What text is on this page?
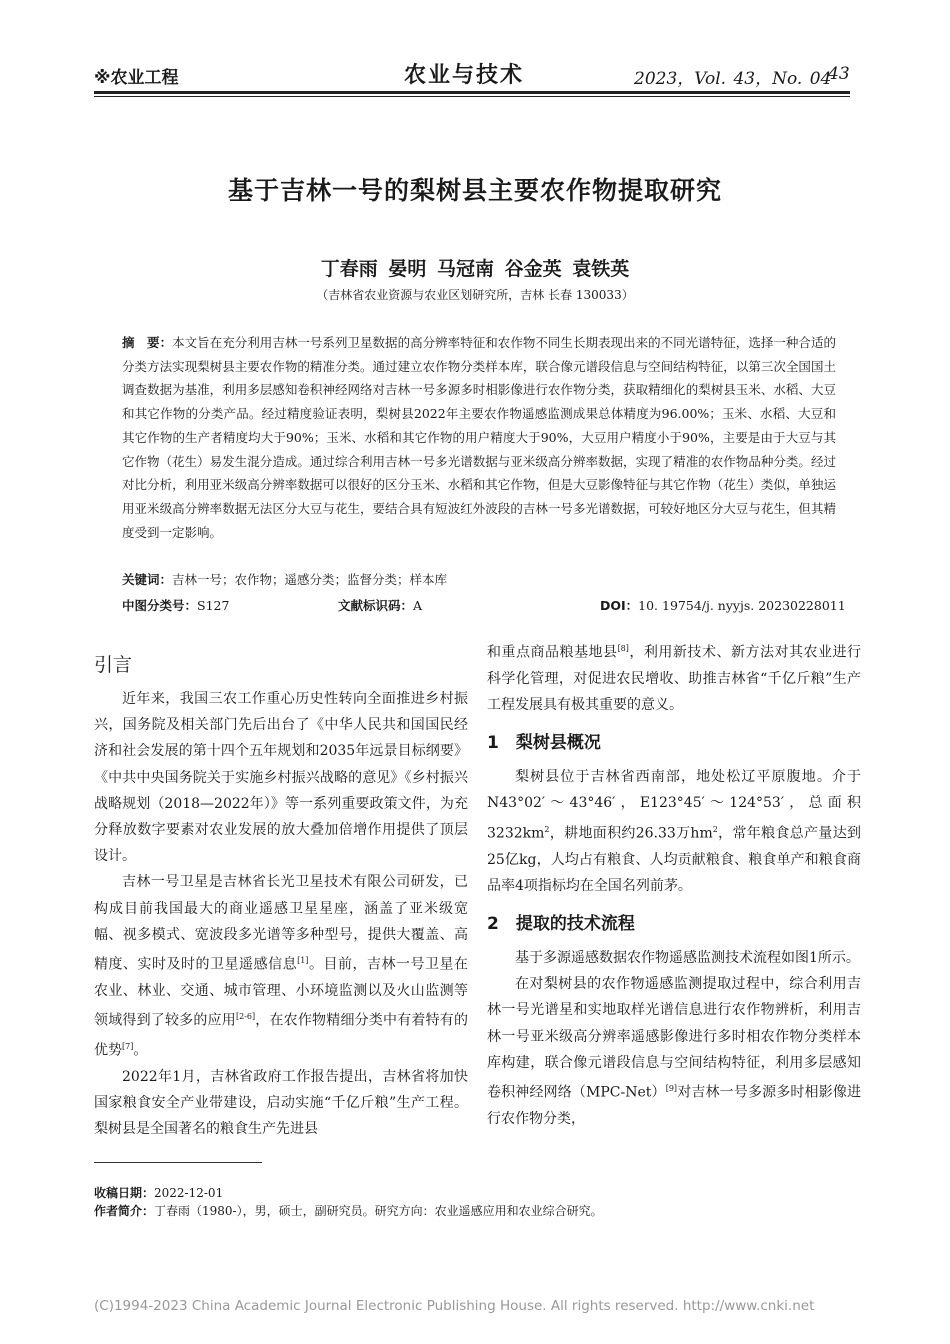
※农业工程	农业与技术	2023，Vol. 43，No. 04
43
基于吉林一号的梨树县主要农作物提取研究
丁春雨 晏明 马冠南 谷金英 袁铁英
（吉林省农业资源与农业区划研究所，吉林 长春 130033）
摘　要：本文旨在充分利用吉林一号系列卫星数据的高分辨率特征和农作物不同生长期表现出来的不同光谱特征，选择一种合适的分类方法实现梨树县主要农作物的精准分类。通过建立农作物分类样本库，联合像元谱段信息与空间结构特征，以第三次全国国土调查数据为基准，利用多层感知卷积神经网络对吉林一号多源多时相影像进行农作物分类，获取精细化的梨树县玉米、水稻、大豆和其它作物的分类产品。经过精度验证表明，梨树县2022年主要农作物遥感监测成果总体精度为96.00%；玉米、水稻、大豆和其它作物的生产者精度均大于90%；玉米、水稻和其它作物的用户精度大于90%，大豆用户精度小于90%，主要是由于大豆与其它作物（花生）易发生混分造成。通过综合利用吉林一号多光谱数据与亚米级高分辨率数据，实现了精准的农作物品种分类。经过对比分析，利用亚米级高分辨率数据可以很好的区分玉米、水稻和其它作物，但是大豆影像特征与其它作物（花生）类似，单独运用亚米级高分辨率数据无法区分大豆与花生，要结合具有短波红外波段的吉林一号多光谱数据，可较好地区分大豆与花生，但其精度受到一定影响。
关键词：吉林一号；农作物；遥感分类；监督分类；样本库
中图分类号：S127	文献标识码：A	DOI：10. 19754/j. nyyjs. 20230228011
引言

近年来，我国三农工作重心历史性转向全面推进乡村振兴，国务院及相关部门先后出台了《中华人民共和国国民经济和社会发展的第十四个五年规划和2035年远景目标纲要》《中共中央国务院关于实施乡村振兴战略的意见》《乡村振兴战略规划（2018—2022年）》等一系列重要政策文件，为充分释放数字要素对农业发展的放大叠加倍增作用提供了顶层设计。

吉林一号卫星是吉林省长光卫星技术有限公司研发，已构成目前我国最大的商业遥感卫星星座，涵盖了亚米级宽幅、视多模式、宽波段多光谱等多种型号，提供大覆盖、高精度、实时及时的卫星遥感信息[1]。目前，吉林一号卫星在农业、林业、交通、城市管理、小环境监测以及火山监测等领域得到了较多的应用[2-6]，在农作物精细分类中有着特有的优势[7]。

2022年1月，吉林省政府工作报告提出，吉林省将加快国家粮食安全产业带建设，启动实施“千亿斤粮”生产工程。梨树县是全国著名的粮食生产先进县

和重点商品粮基地县[8]，利用新技术、新方法对其农业进行科学化管理，对促进农民增收、助推吉林省“千亿斤粮”生产工程发展具有极其重要的意义。

1　梨树县概况

梨树县位于吉林省西南部，地处松辽平原腹地。介于N43°02′～43°46′，E123°45′～124°53′，总面积$3232km^2$，耕地面积约26.33万$hm^2$，常年粮食总产量达到25亿kg，人均占有粮食、人均贡献粮食、粮食单产和粮食商品率4项指标均在全国名列前茅。

2　提取的技术流程

基于多源遥感数据农作物遥感监测技术流程如图1所示。

在对梨树县的农作物遥感监测提取过程中，综合利用吉林一号光谱星和实地取样光谱信息进行农作物辨析，利用吉林一号亚米级高分辨率遥感影像进行多时相农作物分类样本库构建，联合像元谱段信息与空间结构特征，利用多层感知卷积神经网络（MPC-Net）[9]对吉林一号多源多时相影像进行农作物分类，

收稿日期：2022-12-01
作者简介：丁春雨（1980-），男，硕士，副研究员。研究方向：农业遥感应用和农业综合研究。
(C)1994-2023 China Academic Journal Electronic Publishing House. All rights reserved. http://www.cnki.net
